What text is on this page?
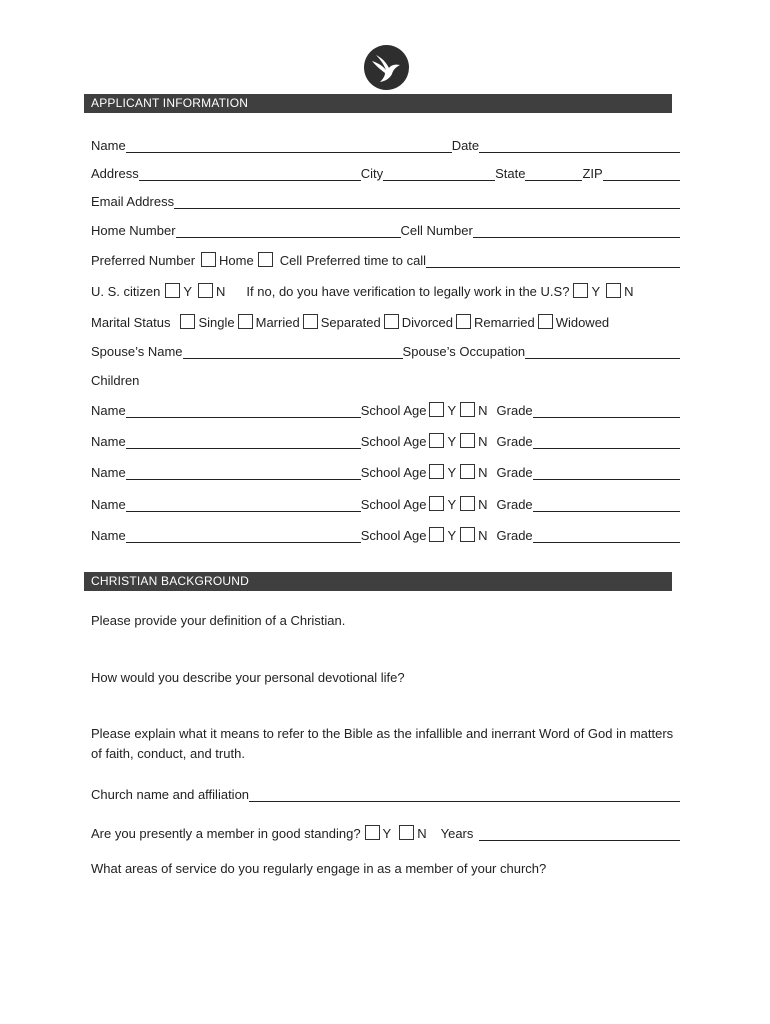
APPLICANT INFORMATION
Name	Date
Address	City	State	ZIP
Email Address
Home Number	Cell Number
Preferred Number Home Cell Preferred time to call
U. S. citizen Y N If no, do you have verification to legally work in the U.S? Y N
Marital Status Single Married Separated Divorced Remarried Widowed
Spouse’s Name	Spouse’s Occupation
Children
Name	School Age Y N Grade
Name	School Age Y N Grade
Name	School Age Y N Grade
Name	School Age Y N Grade
Name	School Age Y N Grade
CHRISTIAN BACKGROUND
Please provide your definition of a Christian.
How would you describe your personal devotional life?
Please explain what it means to refer to the Bible as the infallible and inerrant Word of God in matters of faith, conduct, and truth.
Church name and affiliation
Are you presently a member in good standing? Y N Years
What areas of service do you regularly engage in as a member of your church?
